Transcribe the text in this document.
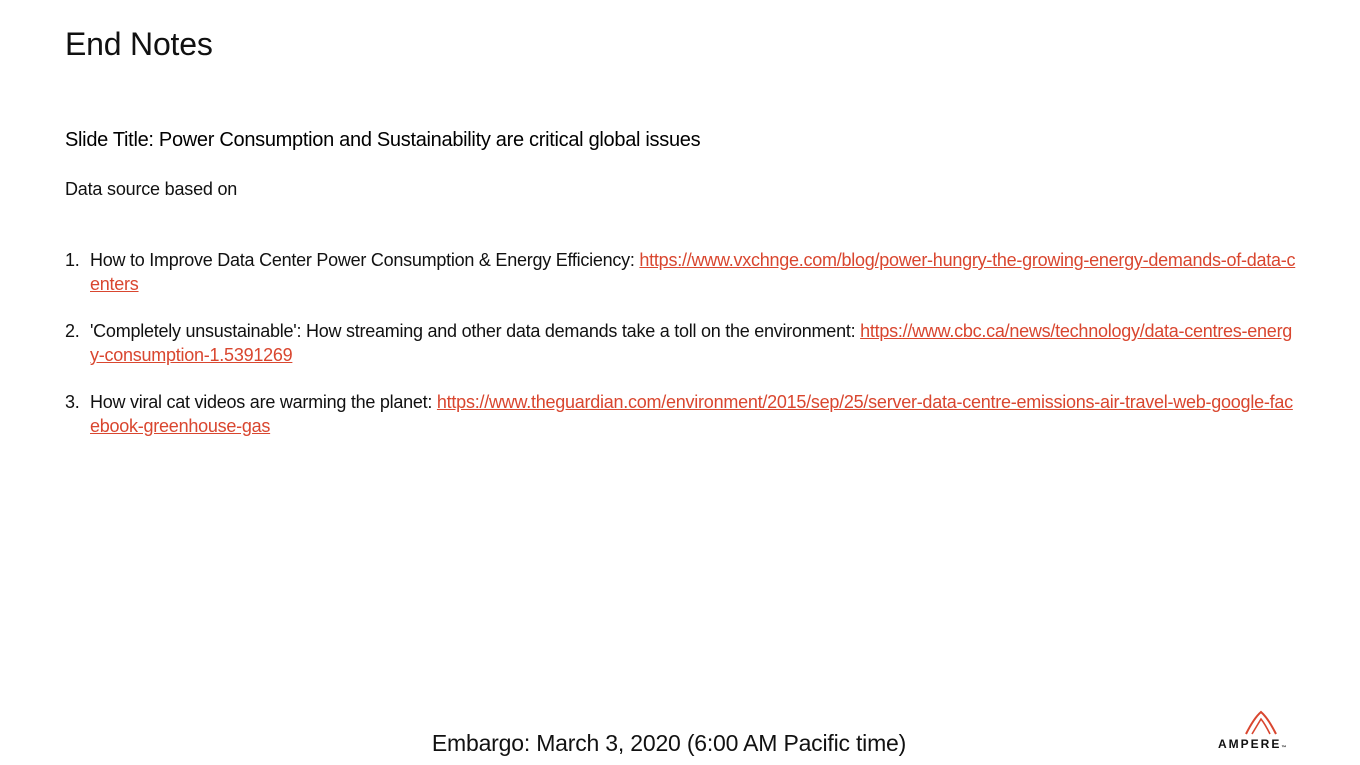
End Notes
Slide Title: Power Consumption and Sustainability are critical global issues

Data source based on

1. How to Improve Data Center Power Consumption & Energy Efficiency: https://www.vxchnge.com/blog/power-hungry-the-growing-energy-demands-of-data-centers
2. 'Completely unsustainable': How streaming and other data demands take a toll on the environment: https://www.cbc.ca/news/technology/data-centres-energy-consumption-1.5391269
3. How viral cat videos are warming the planet: https://www.theguardian.com/environment/2015/sep/25/server-data-centre-emissions-air-travel-web-google-facebook-greenhouse-gas

Embargo: March 3, 2020 (6:00 AM Pacific time)	AMPERE™
